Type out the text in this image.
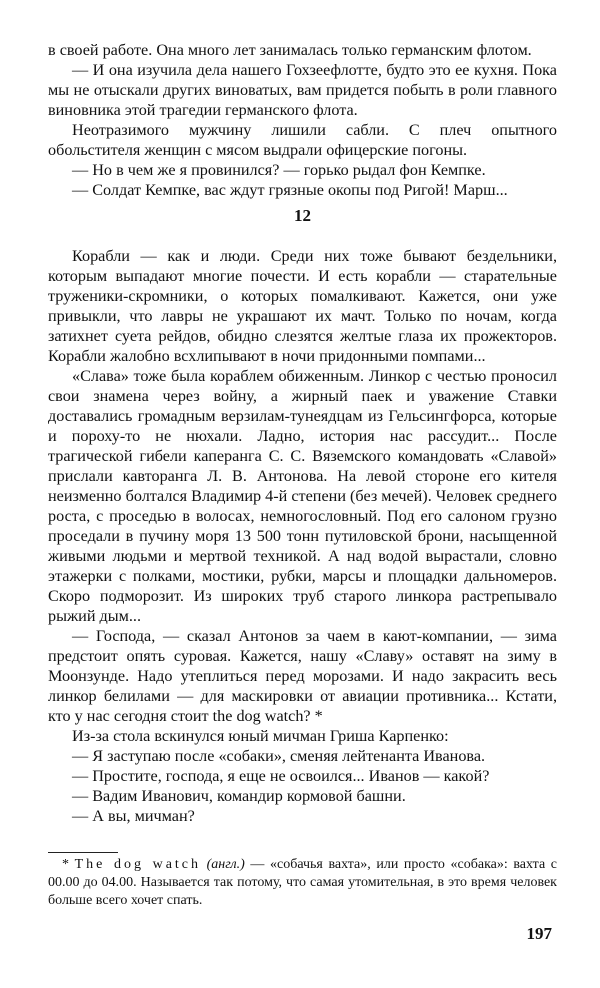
в своей работе. Она много лет занималась только германским флотом.

— И она изучила дела нашего Гохзеефлотте, будто это ее кухня. Пока мы не отыскали других виноватых, вам придется побыть в роли главного виновника этой трагедии германского флота.

Неотразимого мужчину лишили сабли. С плеч опытного обольстителя женщин с мясом выдрали офицерские погоны.

— Но в чем же я провинился? — горько рыдал фон Кемпке.

— Солдат Кемпке, вас ждут грязные окопы под Ригой! Марш...

12

Корабли — как и люди. Среди них тоже бывают бездельники, которым выпадают многие почести. И есть корабли — старательные труженики-скромники, о которых помалкивают. Кажется, они уже привыкли, что лавры не украшают их мачт. Только по ночам, когда затихнет суета рейдов, обидно слезятся желтые глаза их прожекторов. Корабли жалобно всхлипывают в ночи придонными помпами...

«Слава» тоже была кораблем обиженным. Линкор с честью проносил свои знамена через войну, а жирный паек и уважение Ставки доставались громадным верзилам-тунеядцам из Гельсингфорса, которые и пороху-то не нюхали. Ладно, история нас рассудит... После трагической гибели каперанга С. С. Вяземского командовать «Славой» прислали кавторанга Л. В. Антонова. На левой стороне его кителя неизменно болтался Владимир 4-й степени (без мечей). Человек среднего роста, с проседью в волосах, немногословный. Под его салоном грузно проседали в пучину моря 13 500 тонн путиловской брони, насыщенной живыми людьми и мертвой техникой. А над водой вырастали, словно этажерки с полками, мостики, рубки, марсы и площадки дальномеров. Скоро подморозит. Из широких труб старого линкора растрепывало рыжий дым...

— Господа, — сказал Антонов за чаем в кают-компании, — зима предстоит опять суровая. Кажется, нашу «Славу» оставят на зиму в Моонзунде. Надо утеплиться перед морозами. И надо закрасить весь линкор белилами — для маскировки от авиации противника... Кстати, кто у нас сегодня стоит the dog watch? *

Из-за стола вскинулся юный мичман Гриша Карпенко:

— Я заступаю после «собаки», сменяя лейтенанта Иванова.

— Простите, господа, я еще не освоился... Иванов — какой?

— Вадим Иванович, командир кормовой башни.

— А вы, мичман?

* The dog watch (англ.) — «собачья вахта», или просто «собака»: вахта с 00.00 до 04.00. Называется так потому, что самая утомительная, в это время человек больше всего хочет спать.

197
